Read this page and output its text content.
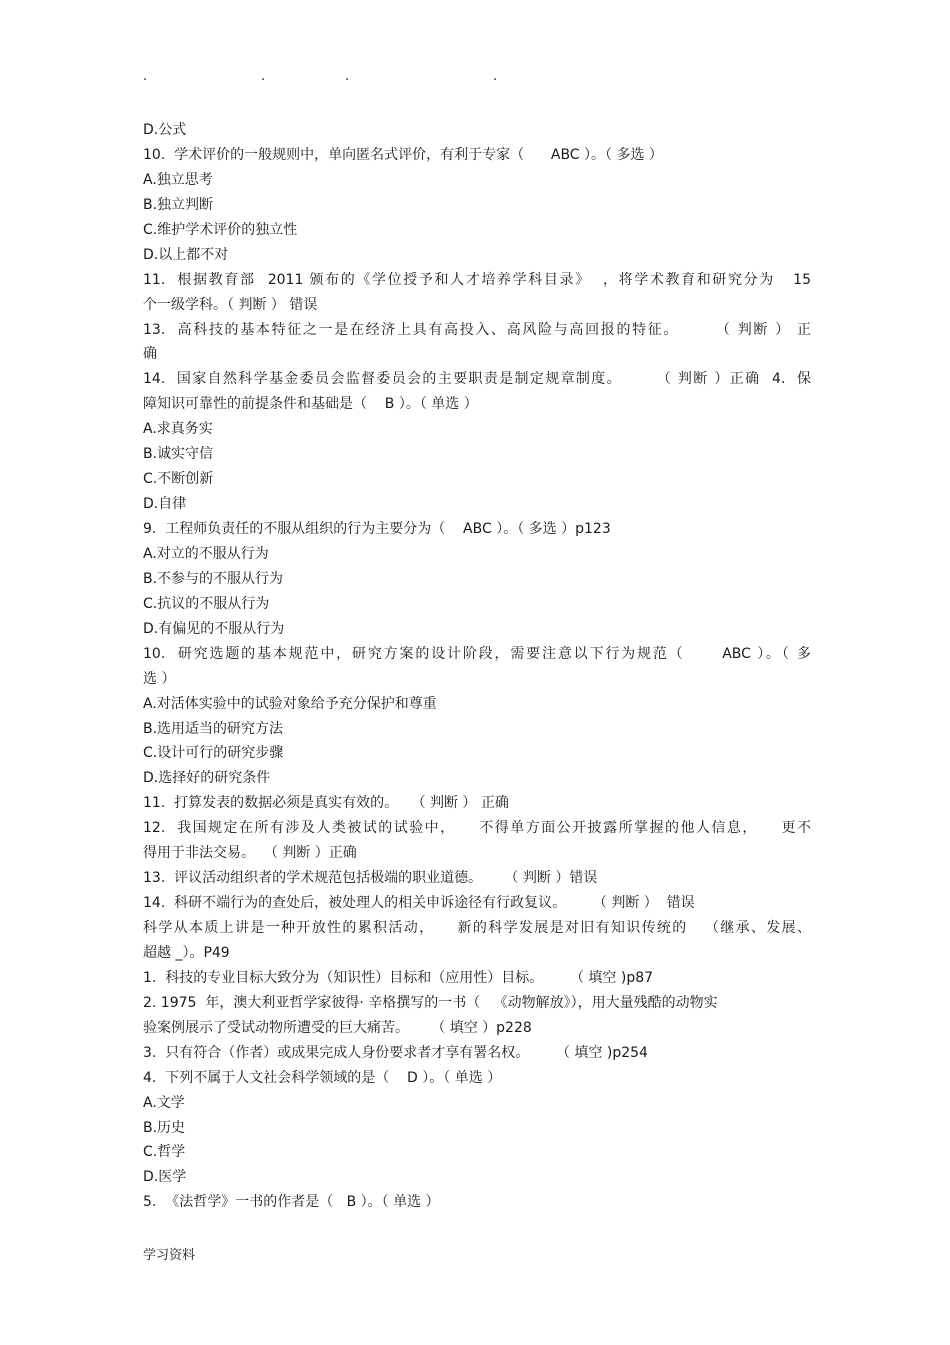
.	.	.	.
D.公式
10.  学术评价的一般规则中，单向匿名式评价，有利于专家（      ABC ）。（ 多选 ）
A.独立思考
B.独立判断
C.维护学术评价的独立性
D.以上都不对
11.  根据教育部  2011 颁布的《学位授予和人才培养学科目录》  ，将学术教育和研究分为   15
个一级学科。（ 判断 ） 错误
13.  高科技的基本特征之一是在经济上具有高投入、高风险与高回报的特征。      （ 判断 ） 正
确
14.  国家自然科学基金委员会监督委员会的主要职责是制定规章制度。      （ 判断 ）正确  4.  保
障知识可靠性的前提条件和基础是（    B ）。（ 单选 ）
A.求真务实
B.诚实守信
C.不断创新
D.自律
9.  工程师负责任的不服从组织的行为主要分为（    ABC ）。（ 多选 ）p123
A.对立的不服从行为
B.不参与的不服从行为
C.抗议的不服从行为
D.有偏见的不服从行为
10.  研究选题的基本规范中，研究方案的设计阶段，需要注意以下行为规范（      ABC ）。（ 多
选 ）
A.对活体实验中的试验对象给予充分保护和尊重
B.选用适当的研究方法
C.设计可行的研究步骤
D.选择好的研究条件
11.  打算发表的数据必须是真实有效的。   （ 判断 ） 正确
12.  我国规定在所有涉及人类被试的试验中，    不得单方面公开披露所掌握的他人信息，    更不
得用于非法交易。  （ 判断 ）正确
13.  评议活动组织者的学术规范包括极端的职业道德。     （ 判断 ）错误
14.  科研不端行为的查处后，被处理人的相关申诉途径有行政复议。      （ 判断 ）  错误
科学从本质上讲是一种开放性的累积活动，    新的科学发展是对旧有知识传统的   （继承、发展、
超越 _）。P49
1.  科技的专业目标大致分为（知识性）目标和（应用性）目标。      （ 填空 )p87
2. 1975  年，澳大利亚哲学家彼得· 辛格撰写的一书（   《动物解放》），用大量残酷的动物实
验案例展示了受试动物所遭受的巨大痛苦。     （ 填空 ）p228
3.  只有符合（作者）或成果完成人身份要求者才享有署名权。      （ 填空 )p254
4.  下列不属于人文社会科学领域的是（    D ）。（ 单选 ）
A.文学
B.历史
C.哲学
D.医学
5.  《法哲学》一书的作者是（   B ）。（ 单选 ）
学习资料
